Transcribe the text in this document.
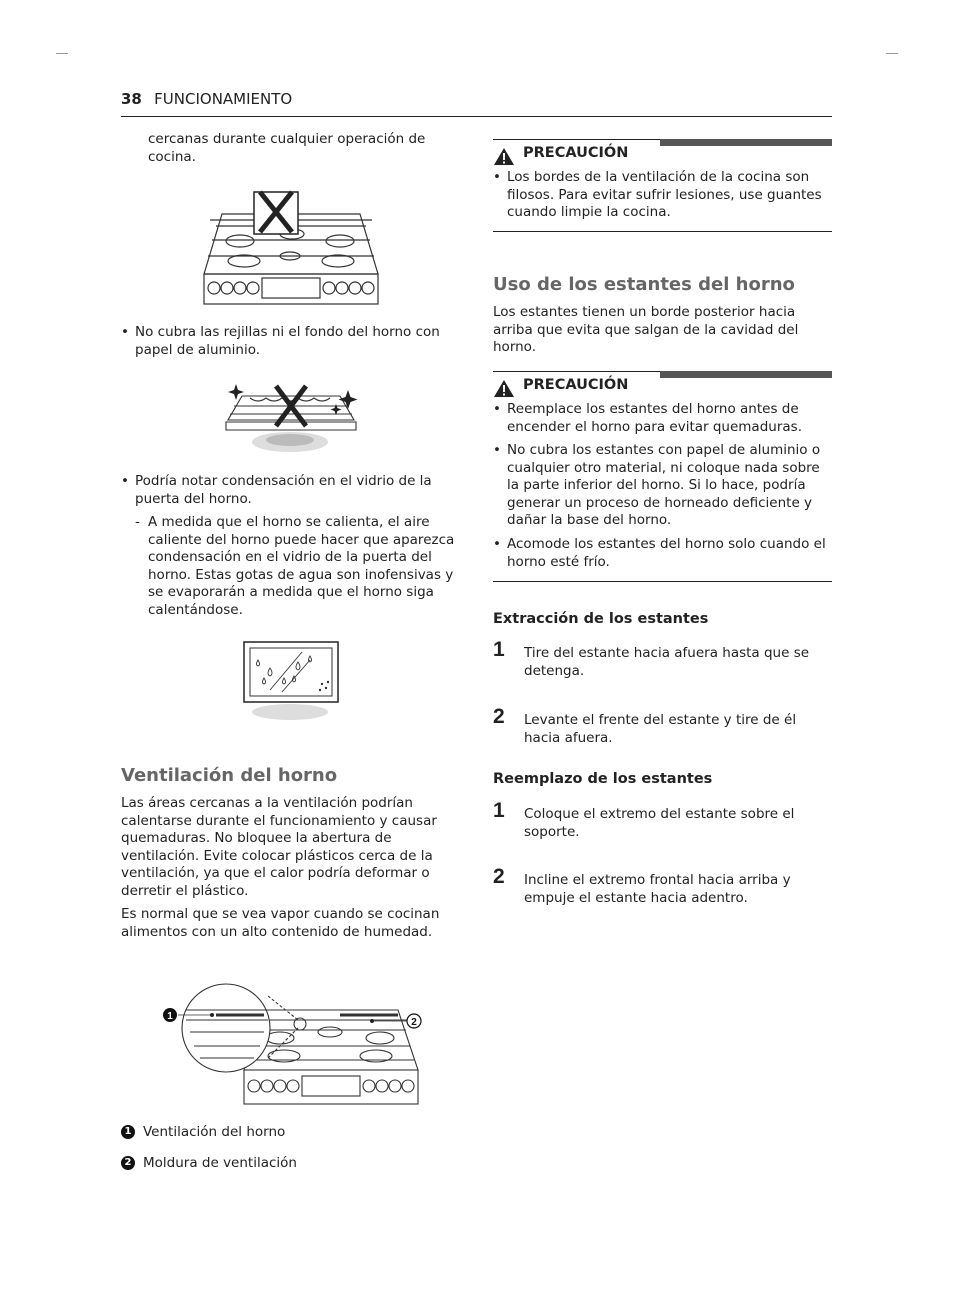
38 FUNCIONAMIENTO
cercanas durante cualquier operación de cocina.
• No cubra las rejillas ni el fondo del horno con papel de aluminio.
• Podría notar condensación en el vidrio de la puerta del horno.
- A medida que el horno se calienta, el aire caliente del horno puede hacer que aparezca condensación en el vidrio de la puerta del horno. Estas gotas de agua son inofensivas y se evaporarán a medida que el horno siga calentándose.
Ventilación del horno
Las áreas cercanas a la ventilación podrían calentarse durante el funcionamiento y causar quemaduras. No bloquee la abertura de ventilación. Evite colocar plásticos cerca de la ventilación, ya que el calor podría deformar o derretir el plástico.
Es normal que se vea vapor cuando se cocinan alimentos con un alto contenido de humedad.
1
2
1 Ventilación del horno
2 Moldura de ventilación
PRECAUCIÓN
• Los bordes de la ventilación de la cocina son filosos. Para evitar sufrir lesiones, use guantes cuando limpie la cocina.
Uso de los estantes del horno
Los estantes tienen un borde posterior hacia arriba que evita que salgan de la cavidad del horno.
PRECAUCIÓN
• Reemplace los estantes del horno antes de encender el horno para evitar quemaduras.
• No cubra los estantes con papel de aluminio o cualquier otro material, ni coloque nada sobre la parte inferior del horno. Si lo hace, podría generar un proceso de horneado deficiente y dañar la base del horno.
• Acomode los estantes del horno solo cuando el horno esté frío.
Extracción de los estantes
1 Tire del estante hacia afuera hasta que se detenga.
2 Levante el frente del estante y tire de él hacia afuera.
Reemplazo de los estantes
1 Coloque el extremo del estante sobre el soporte.
2 Incline el extremo frontal hacia arriba y empuje el estante hacia adentro.
